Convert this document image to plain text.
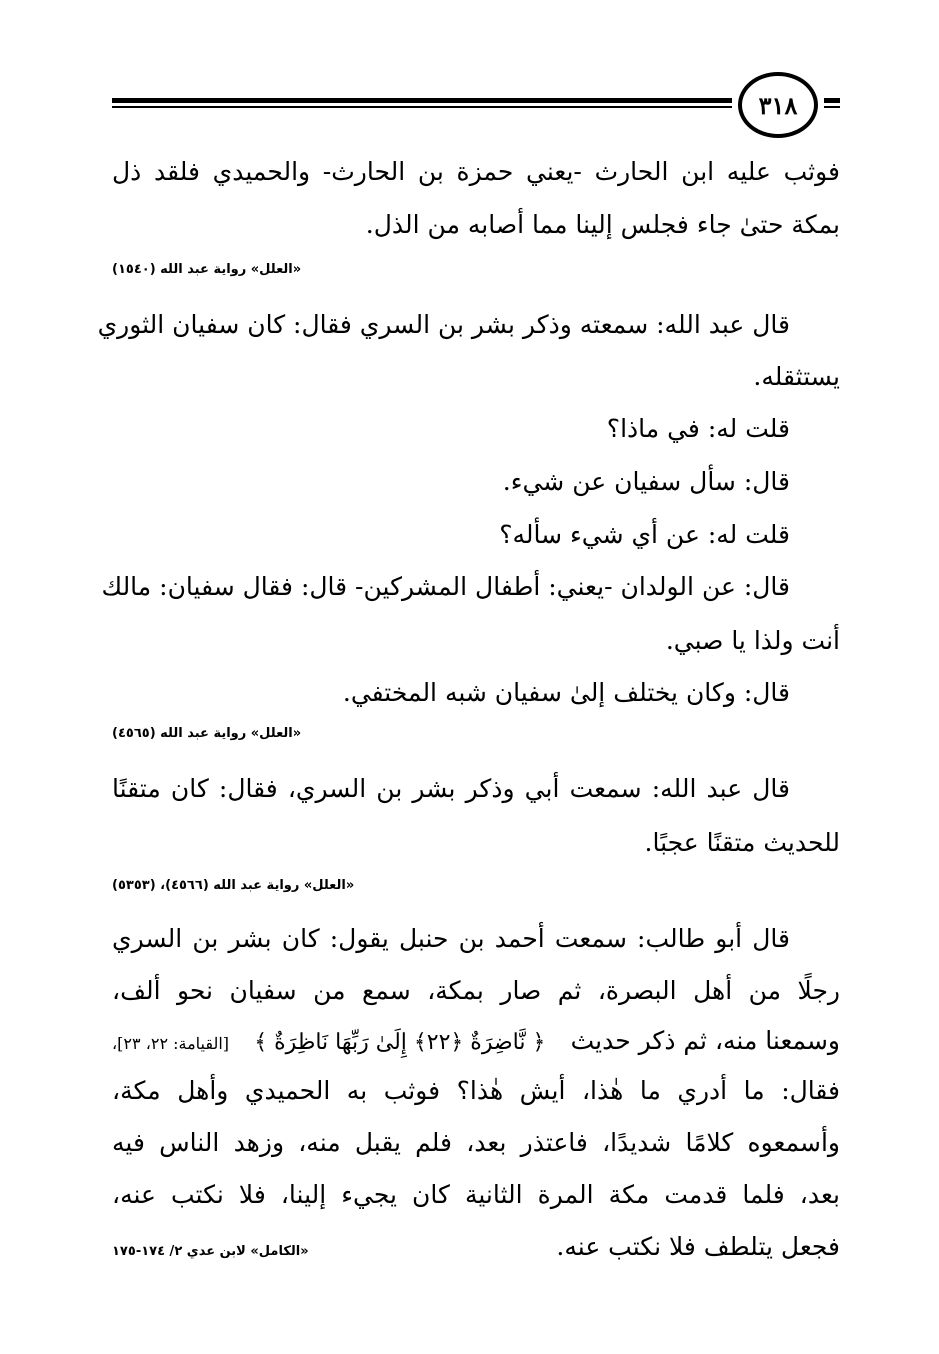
٣١٨
فوثب عليه ابن الحارث -يعني حمزة بن الحارث- والحميدي فلقد ذل
بمكة حتىٰ جاء فجلس إلينا مما أصابه من الذل.
«العلل» رواية عبد الله (١٥٤٠)
قال عبد الله: سمعته وذكر بشر بن السري فقال: كان سفيان الثوري
يستثقله.
قلت له: في ماذا؟
قال: سأل سفيان عن شيء.
قلت له: عن أي شيء سأله؟
قال: عن الولدان -يعني: أطفال المشركين- قال: فقال سفيان: مالك
أنت ولذا يا صبي.
قال: وكان يختلف إلىٰ سفيان شبه المختفي.
«العلل» رواية عبد الله (٤٥٦٥)
قال عبد الله: سمعت أبي وذكر بشر بن السري، فقال: كان متقنًا
للحديث متقنًا عجبًا.
«العلل» رواية عبد الله (٤٥٦٦)، (٥٣٥٣)
قال أبو طالب: سمعت أحمد بن حنبل يقول: كان بشر بن السري
رجلًا من أهل البصرة، ثم صار بمكة، سمع من سفيان نحو ألف،
وسمعنا منه، ثم ذكر حديث
﴿ نَّاضِرَةٌ ﴿٢٢﴾ إِلَىٰ رَبِّهَا نَاظِرَةٌ ﴾
[القيامة: ٢٢، ٢٣]،
فقال: ما أدري ما هٰذا، أيش هٰذا؟ فوثب به الحميدي وأهل مكة،
وأسمعوه كلامًا شديدًا، فاعتذر بعد، فلم يقبل منه، وزهد الناس فيه
بعد، فلما قدمت مكة المرة الثانية كان يجيء إلينا، فلا نكتب عنه،
فجعل يتلطف فلا نكتب عنه.
«الكامل» لابن عدي ٢/ ١٧٤-١٧٥
